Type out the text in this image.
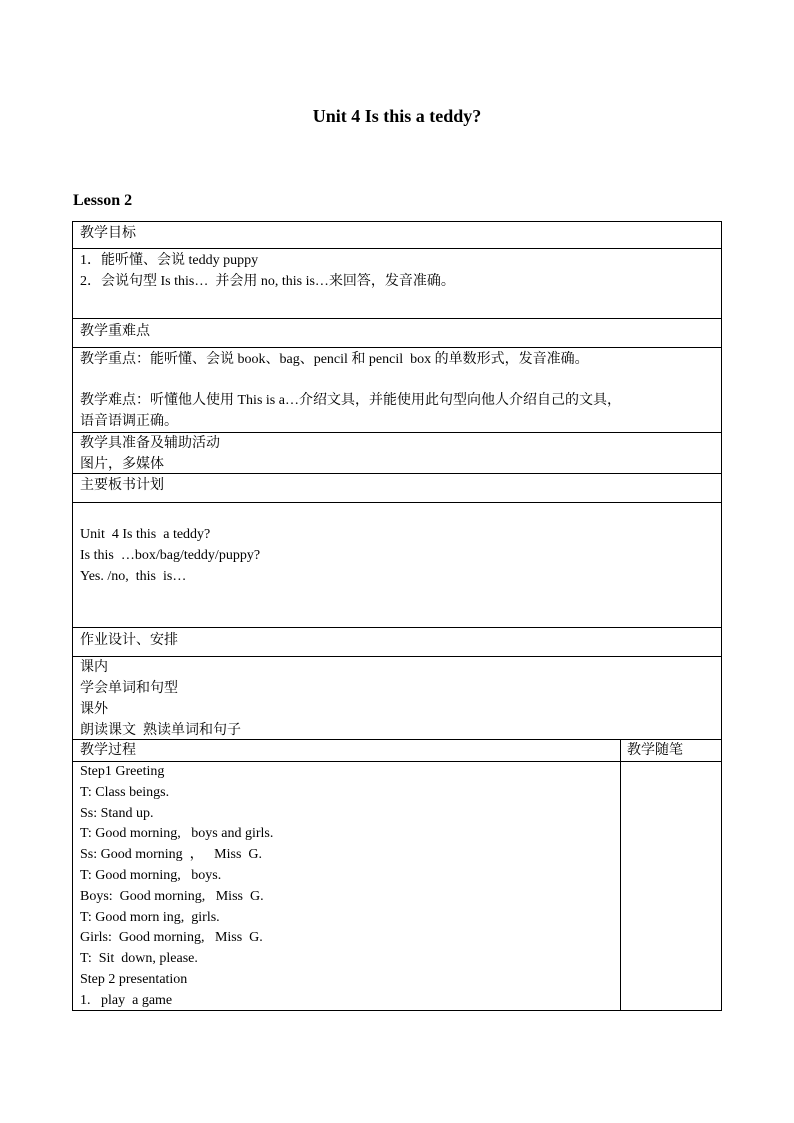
Unit 4 Is this a teddy?
Lesson 2
教学目标
1．能听懂、会说 teddy puppy
2．会说句型 Is this…  并会用 no, this is…来回答，发音准确。
教学重难点
教学重点：能听懂、会说 book、bag、pencil 和 pencil  box 的单数形式，发音准确。
教学难点：听懂他人使用 This is a…介绍文具，并能使用此句型向他人介绍自己的文具，
语音语调正确。
教学具准备及辅助活动
图片，多媒体
主要板书计划
Unit  4 Is this  a teddy?
Is this  …box/bag/teddy/puppy?
Yes. /no,  this  is…
作业设计、安排
课内
学会单词和句型
课外
朗读课文  熟读单词和句子
教学过程
Step1 Greeting
T: Class beings.
Ss: Stand up.
T: Good morning,   boys and girls.
Ss: Good morning  ，   Miss  G.
T: Good morning,   boys.
Boys:  Good morning,   Miss  G.
T: Good morn ing,  girls.
Girls:  Good morning,   Miss  G.
T:  Sit  down, please.
Step 2 presentation
1.   play  a game
教学随笔
